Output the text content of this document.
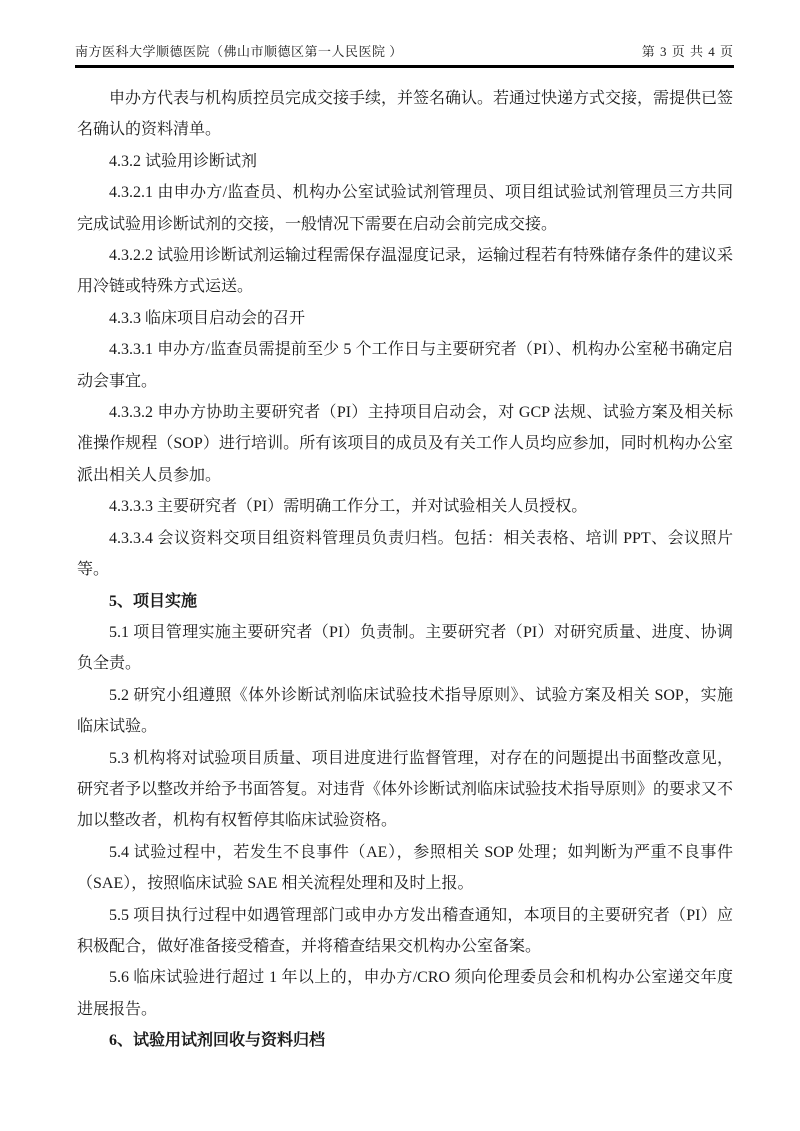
南方医科大学顺德医院（佛山市顺德区第一人民医院 ）	第 3 页 共 4 页

申办方代表与机构质控员完成交接手续，并签名确认。若通过快递方式交接，需提供已签名确认的资料清单。

4.3.2 试验用诊断试剂

4.3.2.1 由申办方/监查员、机构办公室试验试剂管理员、项目组试验试剂管理员三方共同完成试验用诊断试剂的交接，一般情况下需要在启动会前完成交接。

4.3.2.2 试验用诊断试剂运输过程需保存温湿度记录，运输过程若有特殊储存条件的建议采用冷链或特殊方式运送。

4.3.3 临床项目启动会的召开

4.3.3.1 申办方/监查员需提前至少 5 个工作日与主要研究者（PI）、机构办公室秘书确定启动会事宜。

4.3.3.2 申办方协助主要研究者（PI）主持项目启动会，对 GCP 法规、试验方案及相关标准操作规程（SOP）进行培训。所有该项目的成员及有关工作人员均应参加，同时机构办公室派出相关人员参加。

4.3.3.3 主要研究者（PI）需明确工作分工，并对试验相关人员授权。

4.3.3.4 会议资料交项目组资料管理员负责归档。包括：相关表格、培训 PPT、会议照片等。

5、项目实施

5.1 项目管理实施主要研究者（PI）负责制。主要研究者（PI）对研究质量、进度、协调负全责。

5.2 研究小组遵照《体外诊断试剂临床试验技术指导原则》、试验方案及相关 SOP，实施临床试验。

5.3 机构将对试验项目质量、项目进度进行监督管理，对存在的问题提出书面整改意见，研究者予以整改并给予书面答复。对违背《体外诊断试剂临床试验技术指导原则》的要求又不加以整改者，机构有权暂停其临床试验资格。

5.4 试验过程中，若发生不良事件（AE），参照相关 SOP 处理；如判断为严重不良事件（SAE），按照临床试验 SAE 相关流程处理和及时上报。

5.5 项目执行过程中如遇管理部门或申办方发出稽查通知，本项目的主要研究者（PI）应积极配合，做好准备接受稽查，并将稽查结果交机构办公室备案。

5.6 临床试验进行超过 1 年以上的，申办方/CRO 须向伦理委员会和机构办公室递交年度进展报告。

6、试验用试剂回收与资料归档
